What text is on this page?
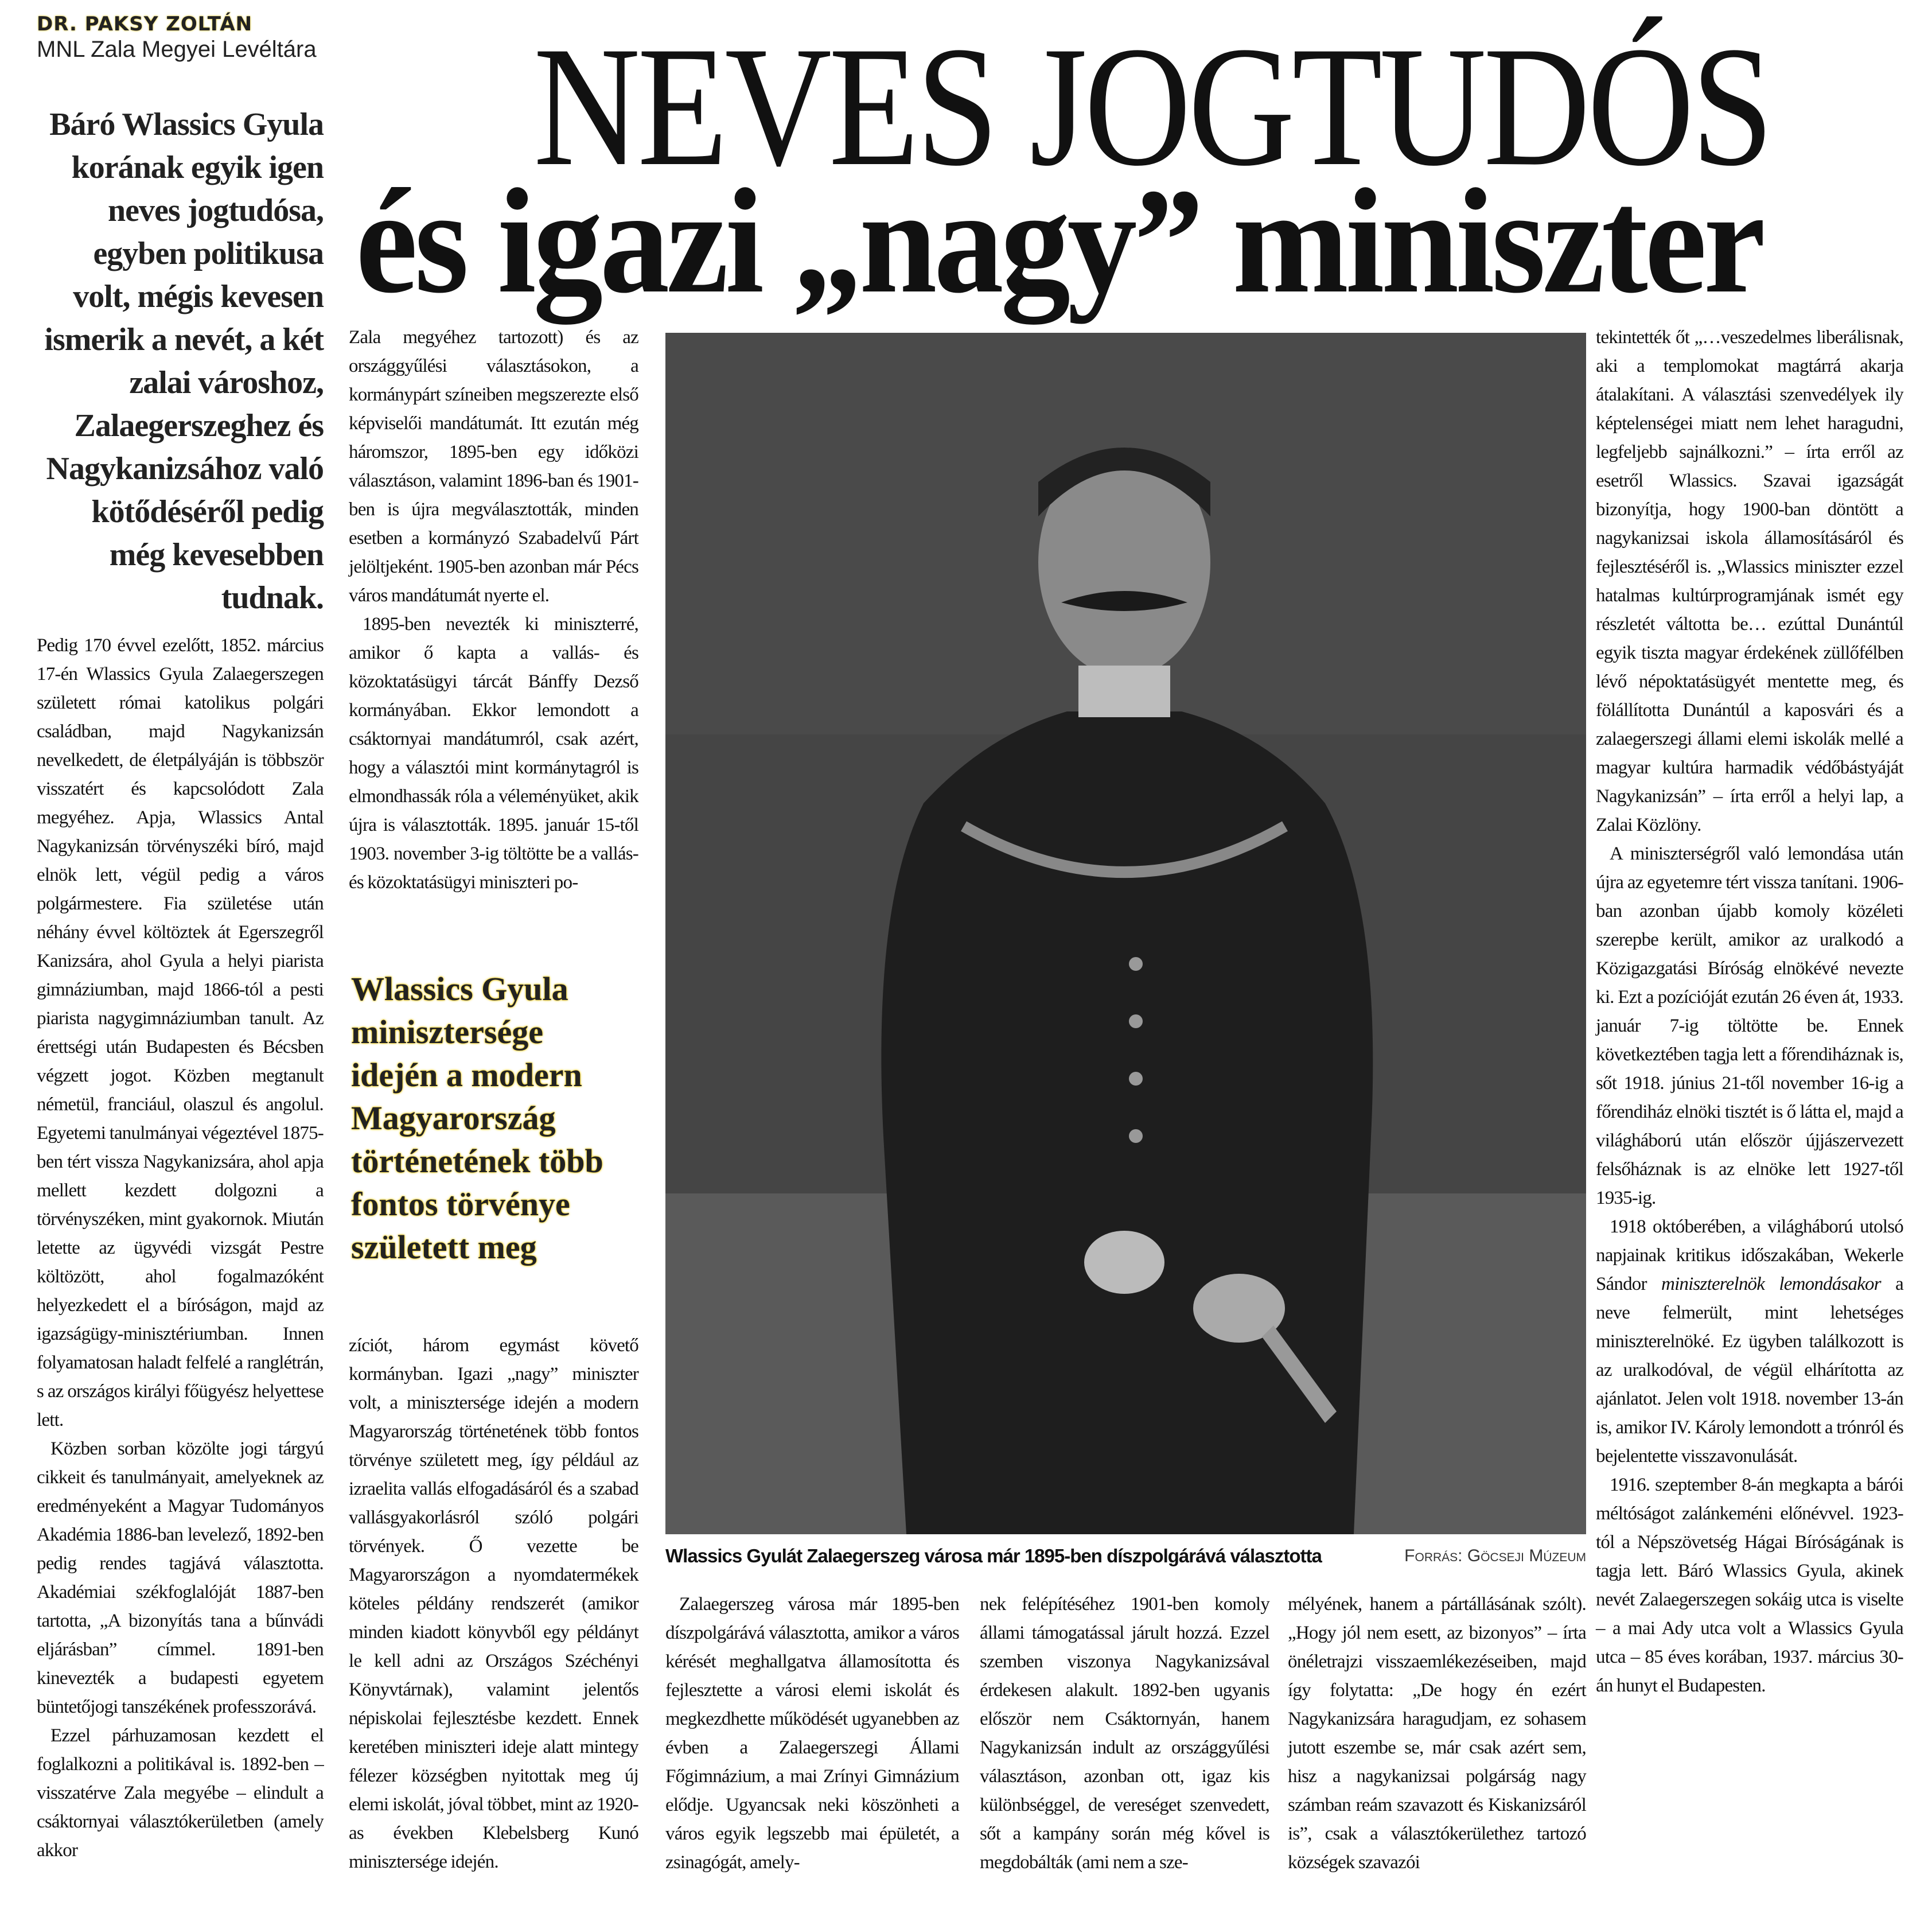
DR. PAKSY ZOLTÁN
MNL Zala Megyei Levéltára NEVES JOGTUDÓS
és igazi „nagy” miniszter
Báró Wlassics Gyula korának egyik igen neves jogtudósa, egyben politikusa volt, mégis kevesen ismerik a nevét, a két zalai városhoz, Zalaegerszeghez és Nagykanizsához való kötődéséről pedig még kevesebben tudnak.

Pedig 170 évvel ezelőtt, 1852. március 17-én Wlassics Gyula Zalaegerszegen született római katolikus polgári családban, majd Nagykanizsán nevelkedett, de életpályáján is többször visszatért és kapcsolódott Zala megyéhez. Apja, Wlassics Antal Nagykanizsán törvényszéki bíró, majd elnök lett, végül pedig a város polgármestere. Fia születése után néhány évvel költöztek át Egerszegről Kanizsára, ahol Gyula a helyi piarista gimnáziumban, majd 1866-tól a pesti piarista nagygimnáziumban tanult. Az érettségi után Budapesten és Bécsben végzett jogot. Közben megtanult németül, franciául, olaszul és angolul. Egyetemi tanulmányai végeztével 1875-ben tért vissza Nagykanizsára, ahol apja mellett kezdett dolgozni a törvényszéken, mint gyakornok. Miután letette az ügyvédi vizsgát Pestre költözött, ahol fogalmazóként helyezkedett el a bíróságon, majd az igazságügy-minisztériumban. Innen folyamatosan haladt felfelé a ranglétrán, s az országos királyi főügyész helyettese lett.

Közben sorban közölte jogi tárgyú cikkeit és tanulmányait, amelyeknek az eredményeként a Magyar Tudományos Akadémia 1886-ban levelező, 1892-ben pedig rendes tagjává választotta. Akadémiai székfoglalóját 1887-ben tartotta, „A bizonyítás tana a bűnvádi eljárásban” címmel. 1891-ben kinevezték a budapesti egyetem büntetőjogi tanszékének professzorává.

Ezzel párhuzamosan kezdett el foglalkozni a politikával is. 1892-ben – visszatérve Zala megyébe – elindult a csáktornyai választókerületben (amely akkor

Zala megyéhez tartozott) és az országgyűlési választásokon, a kormánypárt színeiben megszerezte első képviselői mandátumát. Itt ezután még háromszor, 1895-ben egy időközi választáson, valamint 1896-ban és 1901-ben is újra megválasztották, minden esetben a kormányzó Szabadelvű Párt jelöltjeként. 1905-ben azonban már Pécs város mandátumát nyerte el.

1895-ben nevezték ki miniszterré, amikor ő kapta a vallás- és közoktatásügyi tárcát Bánffy Dezső kormányában. Ekkor lemondott a csáktornyai mandátumról, csak azért, hogy a választói mint kormánytagról is elmondhassák róla a véleményüket, akik újra is választották. 1895. január 15-től 1903. november 3-ig töltötte be a vallás- és közoktatásügyi miniszteri po-

Wlassics Gyula minisztersége idején a modern Magyarország történetének több fontos törvénye született meg

zíciót, három egymást követő kormányban. Igazi „nagy” miniszter volt, a minisztersége idején a modern Magyarország történetének több fontos törvénye született meg, így például az izraelita vallás elfogadásáról és a szabad vallásgyakorlásról szóló polgári törvények. Ő vezette be Magyarországon a nyomdatermékek köteles példány rendszerét (amikor minden kiadott könyvből egy példányt le kell adni az Országos Széchényi Könyvtárnak), valamint jelentős népiskolai fejlesztésbe kezdett. Ennek keretében miniszteri ideje alatt mintegy félezer községben nyitottak meg új elemi iskolát, jóval többet, mint az 1920-as években Klebelsberg Kunó minisztersége idején.

Wlassics Gyulát Zalaegerszeg városa már 1895-ben díszpolgárává választotta	Forrás: Göcseji Múzeum

Zalaegerszeg városa már 1895-ben díszpolgárává választotta, amikor a város kérését meghallgatva államosította és fejlesztette a városi elemi iskolát és megkezdhette működését ugyanebben az évben a Zalaegerszegi Állami Főgimnázium, a mai Zrínyi Gimnázium elődje. Ugyancsak neki köszönheti a város egyik legszebb mai épületét, a zsinagógát, amely-

nek felépítéséhez 1901-ben komoly állami támogatással járult hozzá. Ezzel szemben viszonya Nagykanizsával érdekesen alakult. 1892-ben ugyanis először nem Csáktornyán, hanem Nagykanizsán indult az országgyűlési választáson, azonban ott, igaz kis különbséggel, de vereséget szenvedett, sőt a kampány során még kővel is megdobálták (ami nem a sze-

mélyének, hanem a pártállásának szólt). „Hogy jól nem esett, az bizonyos” – írta önéletrajzi visszaemlékezéseiben, majd így folytatta: „De hogy én ezért Nagykanizsára haragudjam, ez sohasem jutott eszembe se, már csak azért sem, hisz a nagykanizsai polgárság nagy számban reám szavazott és Kiskanizsáról is”, csak a választókerülethez tartozó községek szavazói

tekintették őt „…veszedelmes liberálisnak, aki a templomokat magtárrá akarja átalakítani. A választási szenvedélyek ily képtelenségei miatt nem lehet haragudni, legfeljebb sajnálkozni.” – írta erről az esetről Wlassics. Szavai igazságát bizonyítja, hogy 1900-ban döntött a nagykanizsai iskola államosításáról és fejlesztéséről is. „Wlassics miniszter ezzel hatalmas kultúrprogramjának ismét egy részletét váltotta be… ezúttal Dunántúl egyik tiszta magyar érdekének züllőfélben lévő népoktatásügyét mentette meg, és fölállította Dunántúl a kaposvári és a zalaegerszegi állami elemi iskolák mellé a magyar kultúra harmadik védőbástyáját Nagykanizsán” – írta erről a helyi lap, a Zalai Közlöny.

A miniszterségről való lemondása után újra az egyetemre tért vissza tanítani. 1906-ban azonban újabb komoly közéleti szerepbe került, amikor az uralkodó a Közigazgatási Bíróság elnökévé nevezte ki. Ezt a pozícióját ezután 26 éven át, 1933. január 7-ig töltötte be. Ennek következtében tagja lett a főrendiháznak is, sőt 1918. június 21-től november 16-ig a főrendiház elnöki tisztét is ő látta el, majd a világháború után először újjászervezett felsőháznak is az elnöke lett 1927-től 1935-ig.

1918 októberében, a világháború utolsó napjainak kritikus időszakában, Wekerle Sándor miniszterelnök lemondásakor a neve felmerült, mint lehetséges miniszterelnöké. Ez ügyben találkozott is az uralkodóval, de végül elhárította az ajánlatot. Jelen volt 1918. november 13-án is, amikor IV. Károly lemondott a trónról és bejelentette visszavonulását.

1916. szeptember 8-án megkapta a bárói méltóságot zalánkeméni előnévvel. 1923-tól a Népszövetség Hágai Bíróságának is tagja lett. Báró Wlassics Gyula, akinek nevét Zalaegerszegen sokáig utca is viselte – a mai Ady utca volt a Wlassics Gyula utca – 85 éves korában, 1937. március 30-án hunyt el Budapesten.
